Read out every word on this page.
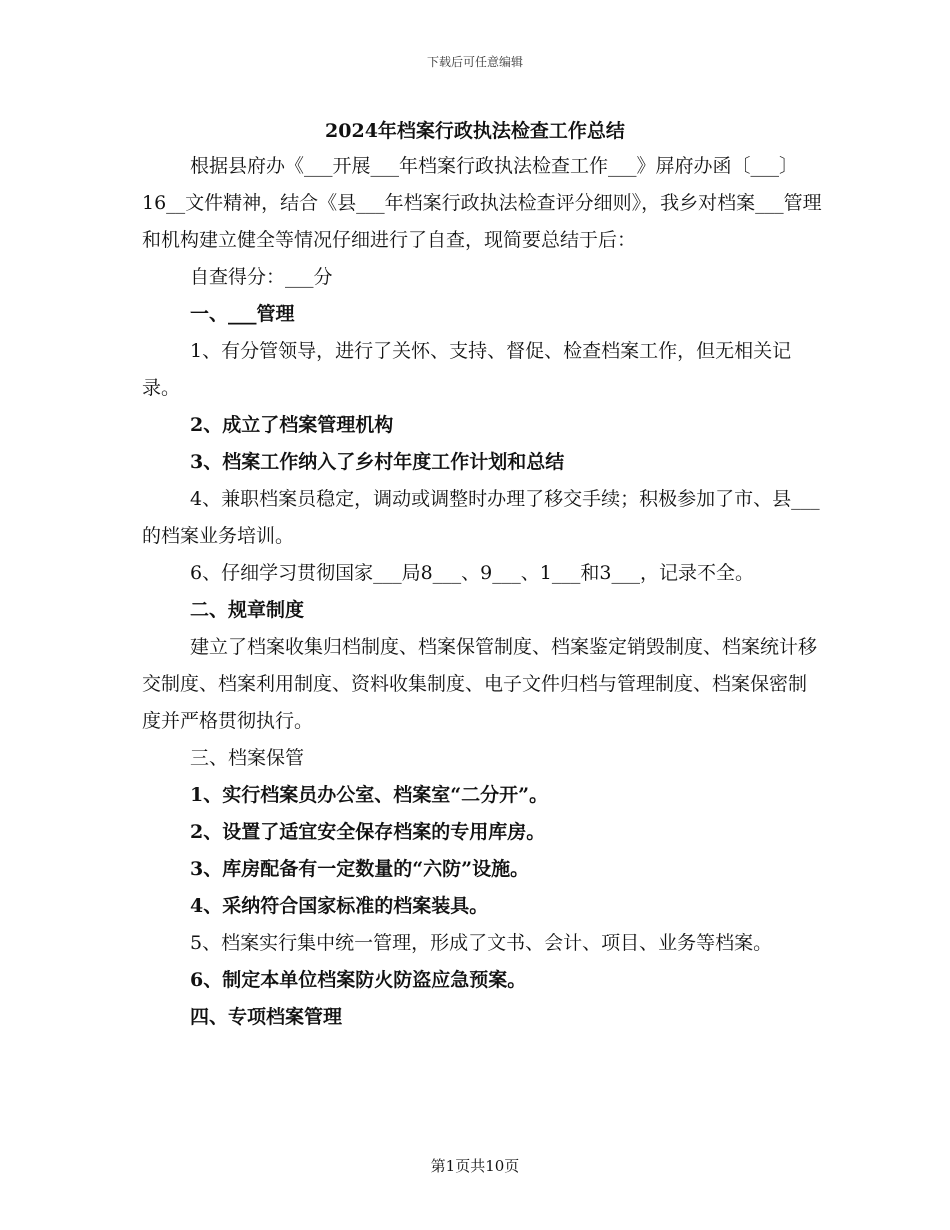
下载后可任意编辑
2024年档案行政执法检查工作总结

根据县府办《___开展___年档案行政执法检查工作___》屏府办函〔___〕16__文件精神，结合《县___年档案行政执法检查评分细则》，我乡对档案___管理和机构建立健全等情况仔细进行了自查，现简要总结于后：

自查得分：___分

一、___管理

1、有分管领导，进行了关怀、支持、督促、检查档案工作，但无相关记录。

2、成立了档案管理机构

3、档案工作纳入了乡村年度工作计划和总结

4、兼职档案员稳定，调动或调整时办理了移交手续；积极参加了市、县___的档案业务培训。

6、仔细学习贯彻国家___局8___、9___、1___和3___，记录不全。

二、规章制度

建立了档案收集归档制度、档案保管制度、档案鉴定销毁制度、档案统计移交制度、档案利用制度、资料收集制度、电子文件归档与管理制度、档案保密制度并严格贯彻执行。

三、档案保管

1、实行档案员办公室、档案室“二分开”。

2、设置了适宜安全保存档案的专用库房。

3、库房配备有一定数量的“六防”设施。

4、采纳符合国家标准的档案装具。

5、档案实行集中统一管理，形成了文书、会计、项目、业务等档案。

6、制定本单位档案防火防盗应急预案。

四、专项档案管理

第1页共10页
